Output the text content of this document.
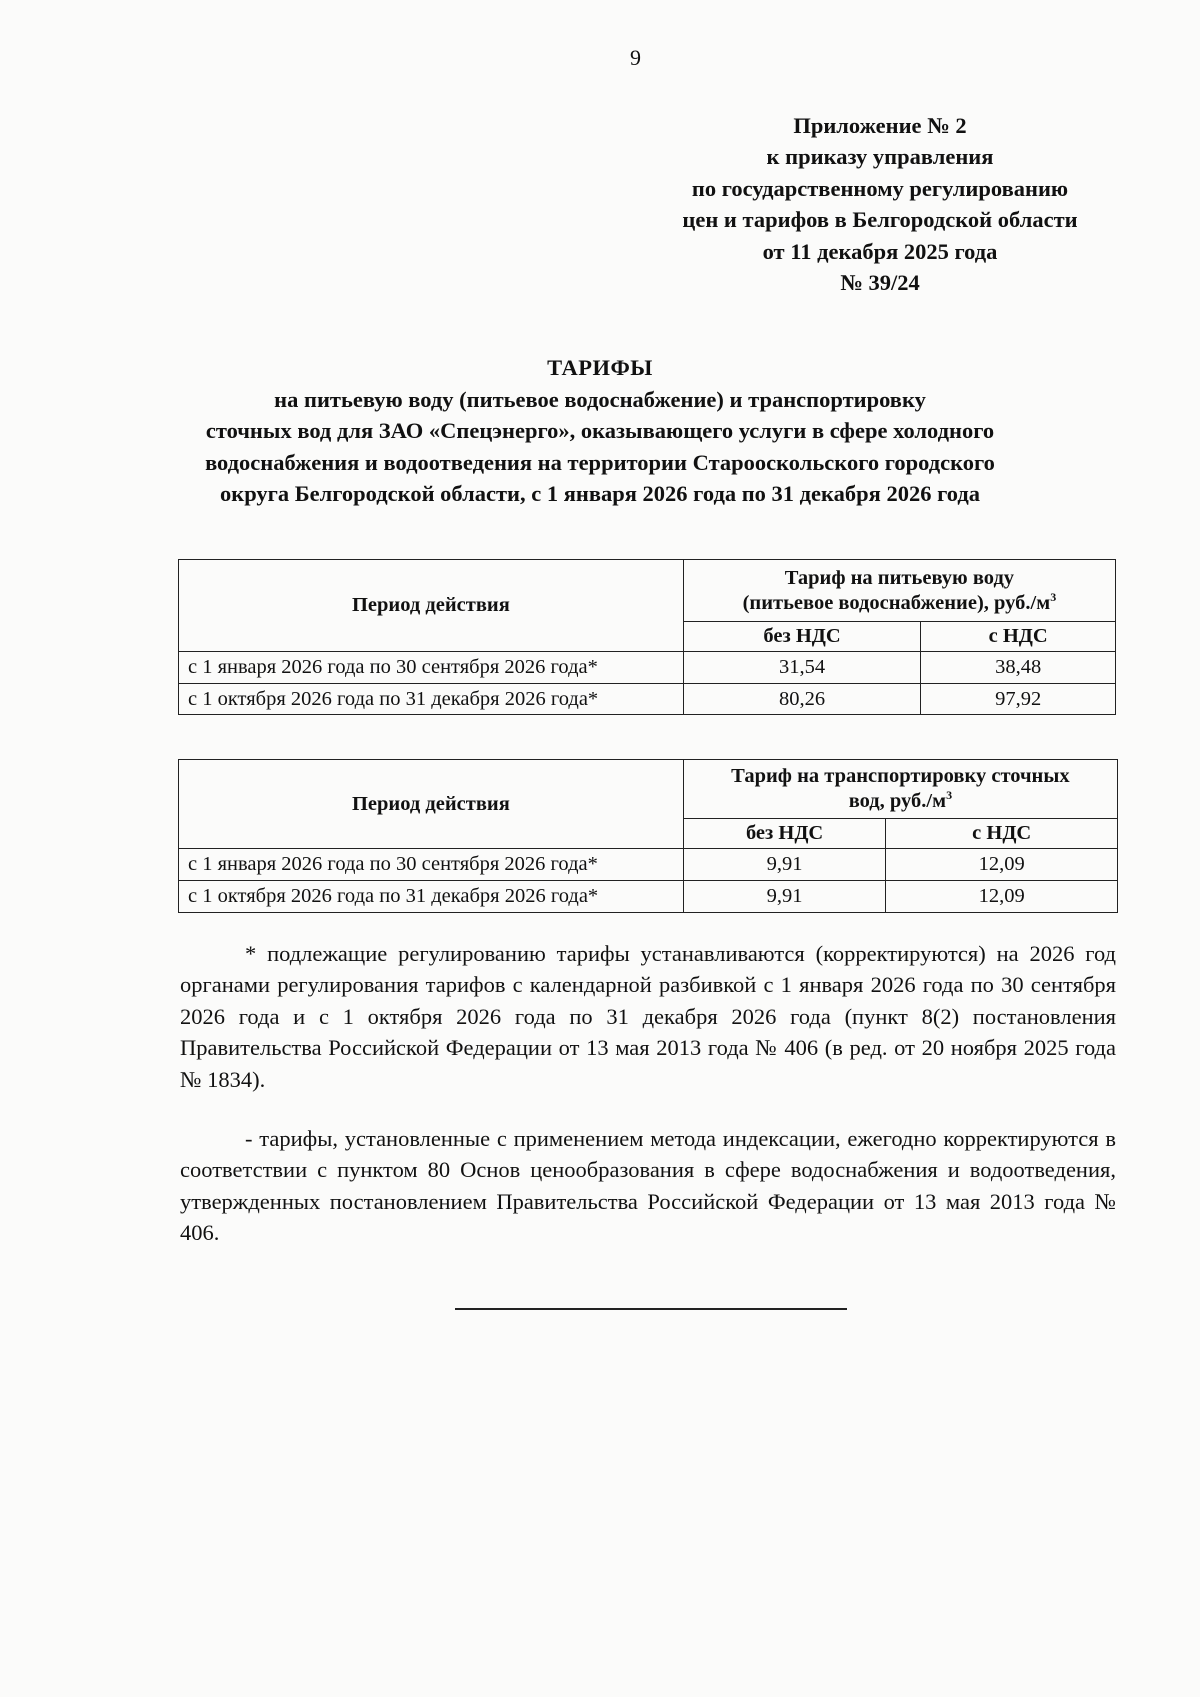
9
Приложение № 2
к приказу управления
по государственному регулированию
цен и тарифов в Белгородской области
от 11 декабря 2025 года
№ 39/24
ТАРИФЫ
на питьевую воду (питьевое водоснабжение) и транспортировку
сточных вод для ЗАО «Спецэнерго», оказывающего услуги в сфере холодного
водоснабжения и водоотведения на территории Старооскольского городского
округа Белгородской области, с 1 января 2026 года по 31 декабря 2026 года
Период действия	Тариф на питьевую воду
(питьевое водоснабжение), $руб./м^3$
	без НДС	с НДС
с 1 января 2026 года по 30 сентября 2026 года*	31,54	38,48
с 1 октября 2026 года по 31 декабря 2026 года*	80,26	97,92
Период действия	Тариф на транспортировку сточных
вод, $руб./м^3$
	без НДС	с НДС
с 1 января 2026 года по 30 сентября 2026 года*	9,91	12,09
с 1 октября 2026 года по 31 декабря 2026 года*	9,91	12,09

* подлежащие регулированию тарифы устанавливаются (корректируются) на 2026 год органами регулирования тарифов с календарной разбивкой с 1 января 2026 года по 30 сентября 2026 года и с 1 октября 2026 года по 31 декабря 2026 года (пункт 8(2) постановления Правительства Российской Федерации от 13 мая 2013 года № 406 (в ред. от 20 ноября 2025 года № 1834).

- тарифы, установленные с применением метода индексации, ежегодно корректируются в соответствии с пунктом 80 Основ ценообразования в сфере водоснабжения и водоотведения, утвержденных постановлением Правительства Российской Федерации от 13 мая 2013 года № 406.
